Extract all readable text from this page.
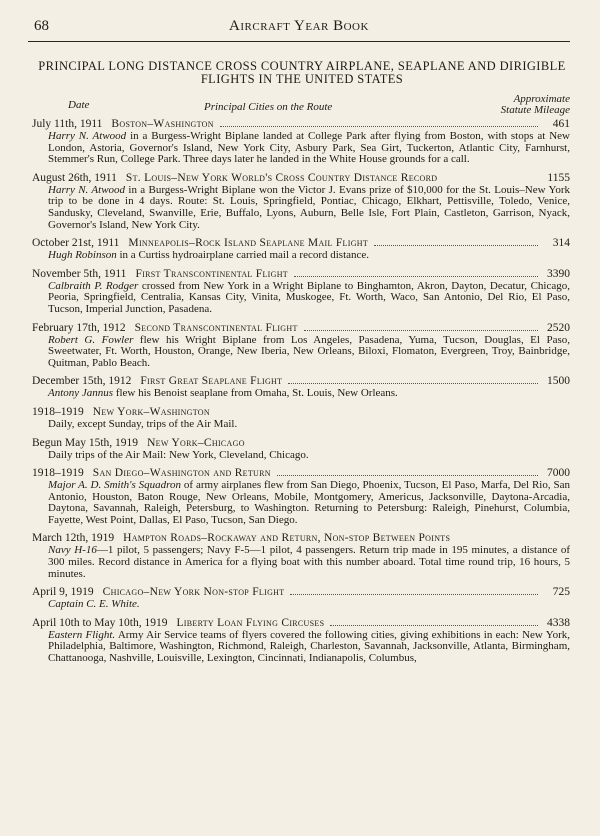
68	Aircraft Year Book
PRINCIPAL LONG DISTANCE CROSS COUNTRY AIRPLANE, SEAPLANE AND DIRIGIBLE FLIGHTS IN THE UNITED STATES
Date	Principal Cities on the Route
Approximate
Statute Mileage
July 11th, 1911 Boston–Washington	461
Harry N. Atwood in a Burgess-Wright Biplane landed at College Park after flying from Boston, with stops at New London, Astoria, Governor's Island, New York City, Asbury Park, Sea Girt, Tuckerton, Atlantic City, Farnhurst, Stemmer's Run, College Park. Three days later he landed in the White House grounds for a call.
August 26th, 1911 St. Louis–New York World's Cross Country Distance Record	1155
Harry N. Atwood in a Burgess-Wright Biplane won the Victor J. Evans prize of $10,000 for the St. Louis–New York trip to be done in 4 days. Route: St. Louis, Springfield, Pontiac, Chicago, Elkhart, Pettisville, Toledo, Venice, Sandusky, Cleveland, Swanville, Erie, Buffalo, Lyons, Auburn, Belle Isle, Fort Plain, Castleton, Garrison, Nyack, Governor's Island, New York City.
October 21st, 1911 Minneapolis–Rock Island Seaplane Mail Flight	314
Hugh Robinson in a Curtiss hydroairplane carried mail a record distance.
November 5th, 1911 First Transcontinental Flight	3390
Calbraith P. Rodger crossed from New York in a Wright Biplane to Binghamton, Akron, Dayton, Decatur, Chicago, Peoria, Springfield, Centralia, Kansas City, Vinita, Muskogee, Ft. Worth, Waco, San Antonio, Del Rio, El Paso, Tucson, Imperial Junction, Pasadena.
February 17th, 1912 Second Transcontinental Flight	2520
Robert G. Fowler flew his Wright Biplane from Los Angeles, Pasadena, Yuma, Tucson, Douglas, El Paso, Sweetwater, Ft. Worth, Houston, Orange, New Iberia, New Orleans, Biloxi, Flomaton, Evergreen, Troy, Bainbridge, Quitman, Pablo Beach.
December 15th, 1912 First Great Seaplane Flight	1500
Antony Jannus flew his Benoist seaplane from Omaha, St. Louis, New Orleans.
1918–1919 New York–Washington
Daily, except Sunday, trips of the Air Mail.
Begun May 15th, 1919 New York–Chicago
Daily trips of the Air Mail: New York, Cleveland, Chicago.
1918–1919 San Diego–Washington and Return	7000
Major A. D. Smith's Squadron of army airplanes flew from San Diego, Phoenix, Tucson, El Paso, Marfa, Del Rio, San Antonio, Houston, Baton Rouge, New Orleans, Mobile, Montgomery, Americus, Jacksonville, Daytona-Arcadia, Daytona, Savannah, Raleigh, Petersburg, to Washington. Returning to Petersburg: Raleigh, Pinehurst, Columbia, Fayette, West Point, Dallas, El Paso, Tucson, San Diego.
March 12th, 1919 Hampton Roads–Rockaway and Return, Non-stop Between Points
Navy H-16—1 pilot, 5 passengers; Navy F-5—1 pilot, 4 passengers. Return trip made in 195 minutes, a distance of 300 miles. Record distance in America for a flying boat with this number aboard. Total time round trip, 16 hours, 5 minutes.
April 9, 1919 Chicago–New York Non-stop Flight	725
Captain C. E. White.
April 10th to May 10th, 1919 Liberty Loan Flying Circuses	4338
Eastern Flight. Army Air Service teams of flyers covered the following cities, giving exhibitions in each: New York, Philadelphia, Baltimore, Washington, Richmond, Raleigh, Charleston, Savannah, Jacksonville, Atlanta, Birmingham, Chattanooga, Nashville, Louisville, Lexington, Cincinnati, Indianapolis, Columbus,
